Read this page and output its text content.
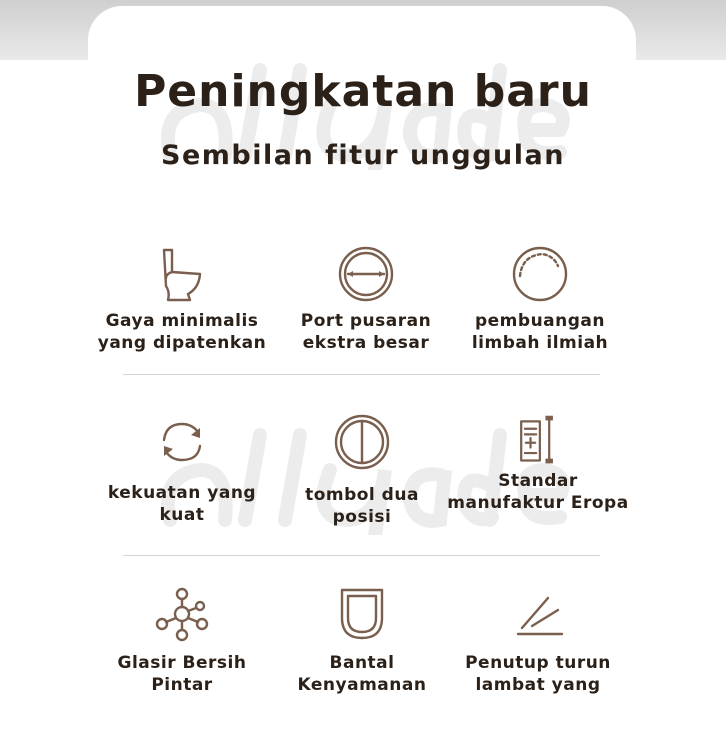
Peningkatan baru
Sembilan fitur unggulan
Gaya minimalis
yang dipatenkan
Port pusaran
ekstra besar
pembuangan
limbah ilmiah
kekuatan yang
kuat
tombol dua
posisi
Standar
manufaktur Eropa
Glasir Bersih
Pintar
Bantal
Kenyamanan
Penutup turun
lambat yang
